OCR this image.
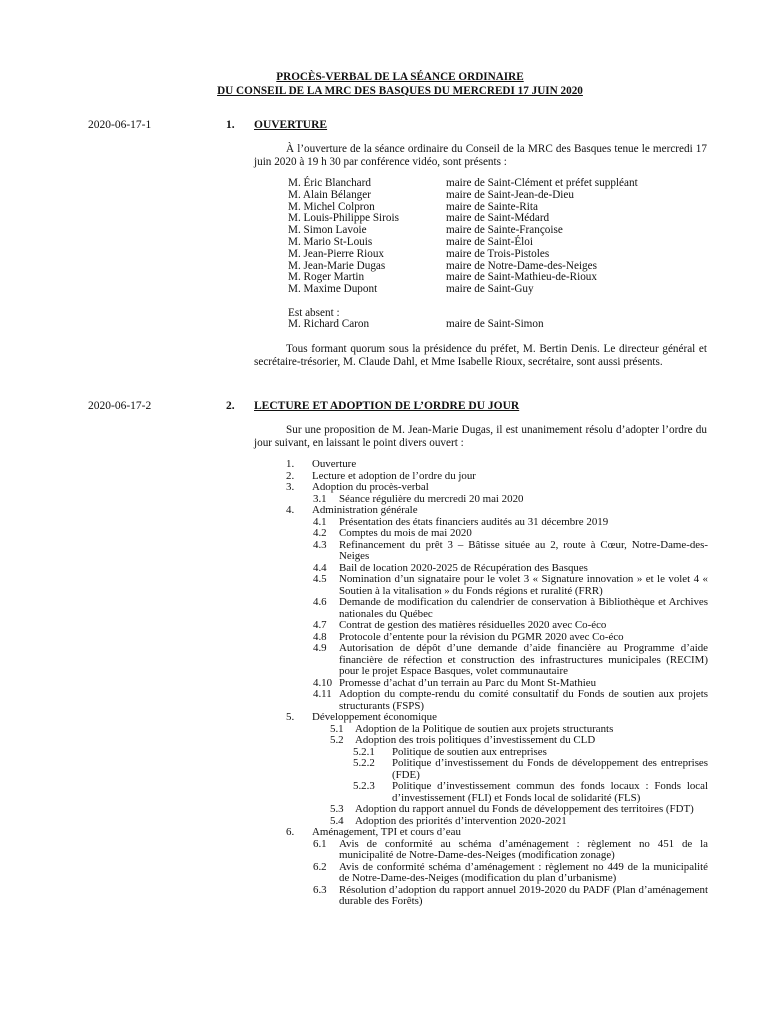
PROCÈS-VERBAL DE LA SÉANCE ORDINAIRE
DU CONSEIL DE LA MRC DES BASQUES DU MERCREDI 17 JUIN 2020
2020-06-17-1	1. OUVERTURE
À l’ouverture de la séance ordinaire du Conseil de la MRC des Basques tenue le mercredi 17 juin 2020 à 19 h 30 par conférence vidéo, sont présents :
M. Éric Blanchard	maire de Saint-Clément et préfet suppléant
M. Alain Bélanger	maire de Saint-Jean-de-Dieu
M. Michel Colpron	maire de Sainte-Rita
M. Louis-Philippe Sirois	maire de Saint-Médard
M. Simon Lavoie	maire de Sainte-Françoise
M. Mario St-Louis	maire de Saint-Éloi
M. Jean-Pierre Rioux	maire de Trois-Pistoles
M. Jean-Marie Dugas	maire de Notre-Dame-des-Neiges
M. Roger Martin	maire de Saint-Mathieu-de-Rioux
M. Maxime Dupont	maire de Saint-Guy
Est absent :
M. Richard Caron	maire de Saint-Simon
Tous formant quorum sous la présidence du préfet, M. Bertin Denis. Le directeur général et secrétaire-trésorier, M. Claude Dahl, et Mme Isabelle Rioux, secrétaire, sont aussi présents.
2020-06-17-2	2. LECTURE ET ADOPTION DE L’ORDRE DU JOUR
Sur une proposition de M. Jean-Marie Dugas, il est unanimement résolu d’adopter l’ordre du jour suivant, en laissant le point divers ouvert :
1. Ouverture
2. Lecture et adoption de l’ordre du jour
3. Adoption du procès-verbal
3.1 Séance régulière du mercredi 20 mai 2020
4. Administration générale
4.1 Présentation des états financiers audités au 31 décembre 2019
4.2 Comptes du mois de mai 2020
4.3 Refinancement du prêt 3 – Bâtisse située au 2, route à Cœur, Notre-Dame-des-Neiges
4.4 Bail de location 2020-2025 de Récupération des Basques
4.5 Nomination d’un signataire pour le volet 3 « Signature innovation » et le volet 4 « Soutien à la vitalisation » du Fonds régions et ruralité (FRR)
4.6 Demande de modification du calendrier de conservation à Bibliothèque et Archives nationales du Québec
4.7 Contrat de gestion des matières résiduelles 2020 avec Co-éco
4.8 Protocole d’entente pour la révision du PGMR 2020 avec Co-éco
4.9 Autorisation de dépôt d’une demande d’aide financière au Programme d’aide financière de réfection et construction des infrastructures municipales (RECIM) pour le projet Espace Basques, volet communautaire
4.10 Promesse d’achat d’un terrain au Parc du Mont St-Mathieu
4.11 Adoption du compte-rendu du comité consultatif du Fonds de soutien aux projets structurants (FSPS)
5. Développement économique
5.1 Adoption de la Politique de soutien aux projets structurants
5.2 Adoption des trois politiques d’investissement du CLD
5.2.1 Politique de soutien aux entreprises
5.2.2 Politique d’investissement du Fonds de développement des entreprises (FDE)
5.2.3 Politique d’investissement commun des fonds locaux : Fonds local d’investissement (FLI) et Fonds local de solidarité (FLS)
5.3 Adoption du rapport annuel du Fonds de développement des territoires (FDT)
5.4 Adoption des priorités d’intervention 2020-2021
6. Aménagement, TPI et cours d’eau
6.1 Avis de conformité au schéma d’aménagement : règlement no 451 de la municipalité de Notre-Dame-des-Neiges (modification zonage)
6.2 Avis de conformité schéma d’aménagement : règlement no 449 de la municipalité de Notre-Dame-des-Neiges (modification du plan d’urbanisme)
6.3 Résolution d’adoption du rapport annuel 2019-2020 du PADF (Plan d’aménagement durable des Forêts)
